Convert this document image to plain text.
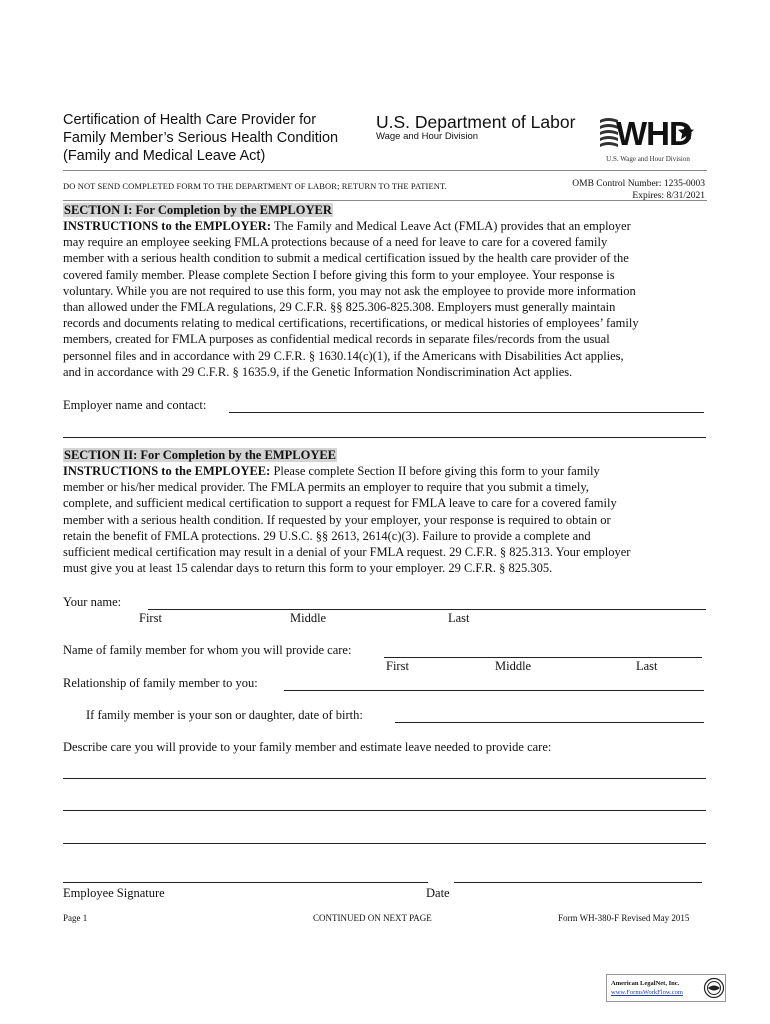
Certification of Health Care Provider for
Family Member’s Serious Health Condition
(Family and Medical Leave Act)
U.S. Department of Labor
Wage and Hour Division	WHD
U.S. Wage and Hour Division
DO NOT SEND COMPLETED FORM TO THE DEPARTMENT OF LABOR; RETURN TO THE PATIENT.	OMB Control Number: 1235-0003
Expires: 8/31/2021
SECTION I: For Completion by the EMPLOYER

INSTRUCTIONS to the EMPLOYER: The Family and Medical Leave Act (FMLA) provides that an employer

may require an employee seeking FMLA protections because of a need for leave to care for a covered family

member with a serious health condition to submit a medical certification issued by the health care provider of the

covered family member. Please complete Section I before giving this form to your employee. Your response is

voluntary. While you are not required to use this form, you may not ask the employee to provide more information

than allowed under the FMLA regulations, 29 C.F.R. §§ 825.306-825.308. Employers must generally maintain

records and documents relating to medical certifications, recertifications, or medical histories of employees’ family

members, created for FMLA purposes as confidential medical records in separate files/records from the usual

personnel files and in accordance with 29 C.F.R. § 1630.14(c)(1), if the Americans with Disabilities Act applies,

and in accordance with 29 C.F.R. § 1635.9, if the Genetic Information Nondiscrimination Act applies.

Employer name and contact:
SECTION II: For Completion by the EMPLOYEE

INSTRUCTIONS to the EMPLOYEE: Please complete Section II before giving this form to your family

member or his/her medical provider. The FMLA permits an employer to require that you submit a timely,

complete, and sufficient medical certification to support a request for FMLA leave to care for a covered family

member with a serious health condition. If requested by your employer, your response is required to obtain or

retain the benefit of FMLA protections. 29 U.S.C. §§ 2613, 2614(c)(3). Failure to provide a complete and

sufficient medical certification may result in a denial of your FMLA request. 29 C.F.R. § 825.313. Your employer

must give you at least 15 calendar days to return this form to your employer. 29 C.F.R. § 825.305.

Your name:
First	Middle	Last
Name of family member for whom you will provide care:
First	Middle	Last
Relationship of family member to you:
If family member is your son or daughter, date of birth:
Describe care you will provide to your family member and estimate leave needed to provide care:
Employee Signature	Date
Page 1	CONTINUED ON NEXT PAGE	Form WH-380-F Revised May 2015
American LegalNet, Inc.
www.FormsWorkFlow.com
